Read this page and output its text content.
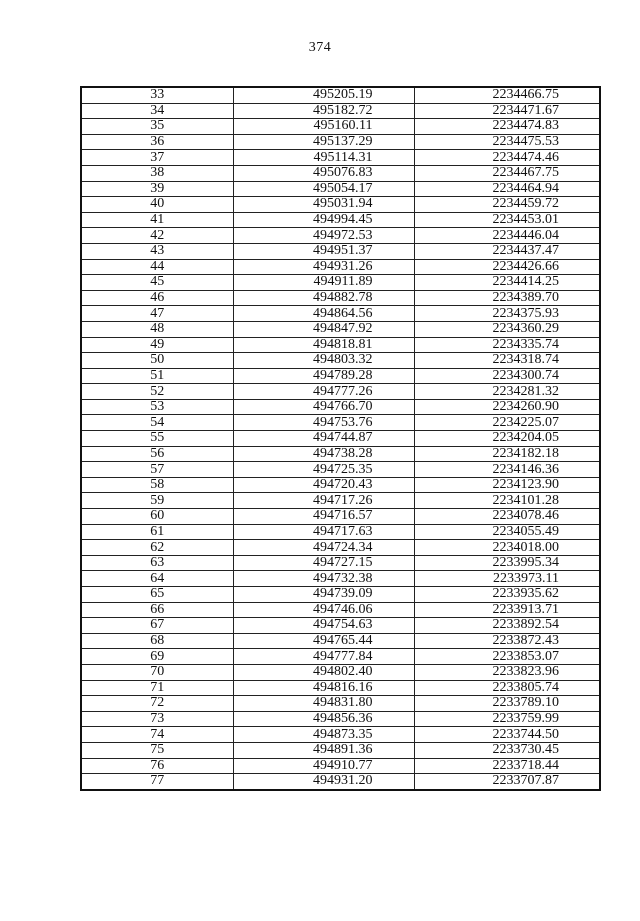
374
33	495205.19	2234466.75
34	495182.72	2234471.67
35	495160.11	2234474.83
36	495137.29	2234475.53
37	495114.31	2234474.46
38	495076.83	2234467.75
39	495054.17	2234464.94
40	495031.94	2234459.72
41	494994.45	2234453.01
42	494972.53	2234446.04
43	494951.37	2234437.47
44	494931.26	2234426.66
45	494911.89	2234414.25
46	494882.78	2234389.70
47	494864.56	2234375.93
48	494847.92	2234360.29
49	494818.81	2234335.74
50	494803.32	2234318.74
51	494789.28	2234300.74
52	494777.26	2234281.32
53	494766.70	2234260.90
54	494753.76	2234225.07
55	494744.87	2234204.05
56	494738.28	2234182.18
57	494725.35	2234146.36
58	494720.43	2234123.90
59	494717.26	2234101.28
60	494716.57	2234078.46
61	494717.63	2234055.49
62	494724.34	2234018.00
63	494727.15	2233995.34
64	494732.38	2233973.11
65	494739.09	2233935.62
66	494746.06	2233913.71
67	494754.63	2233892.54
68	494765.44	2233872.43
69	494777.84	2233853.07
70	494802.40	2233823.96
71	494816.16	2233805.74
72	494831.80	2233789.10
73	494856.36	2233759.99
74	494873.35	2233744.50
75	494891.36	2233730.45
76	494910.77	2233718.44
77	494931.20	2233707.87
